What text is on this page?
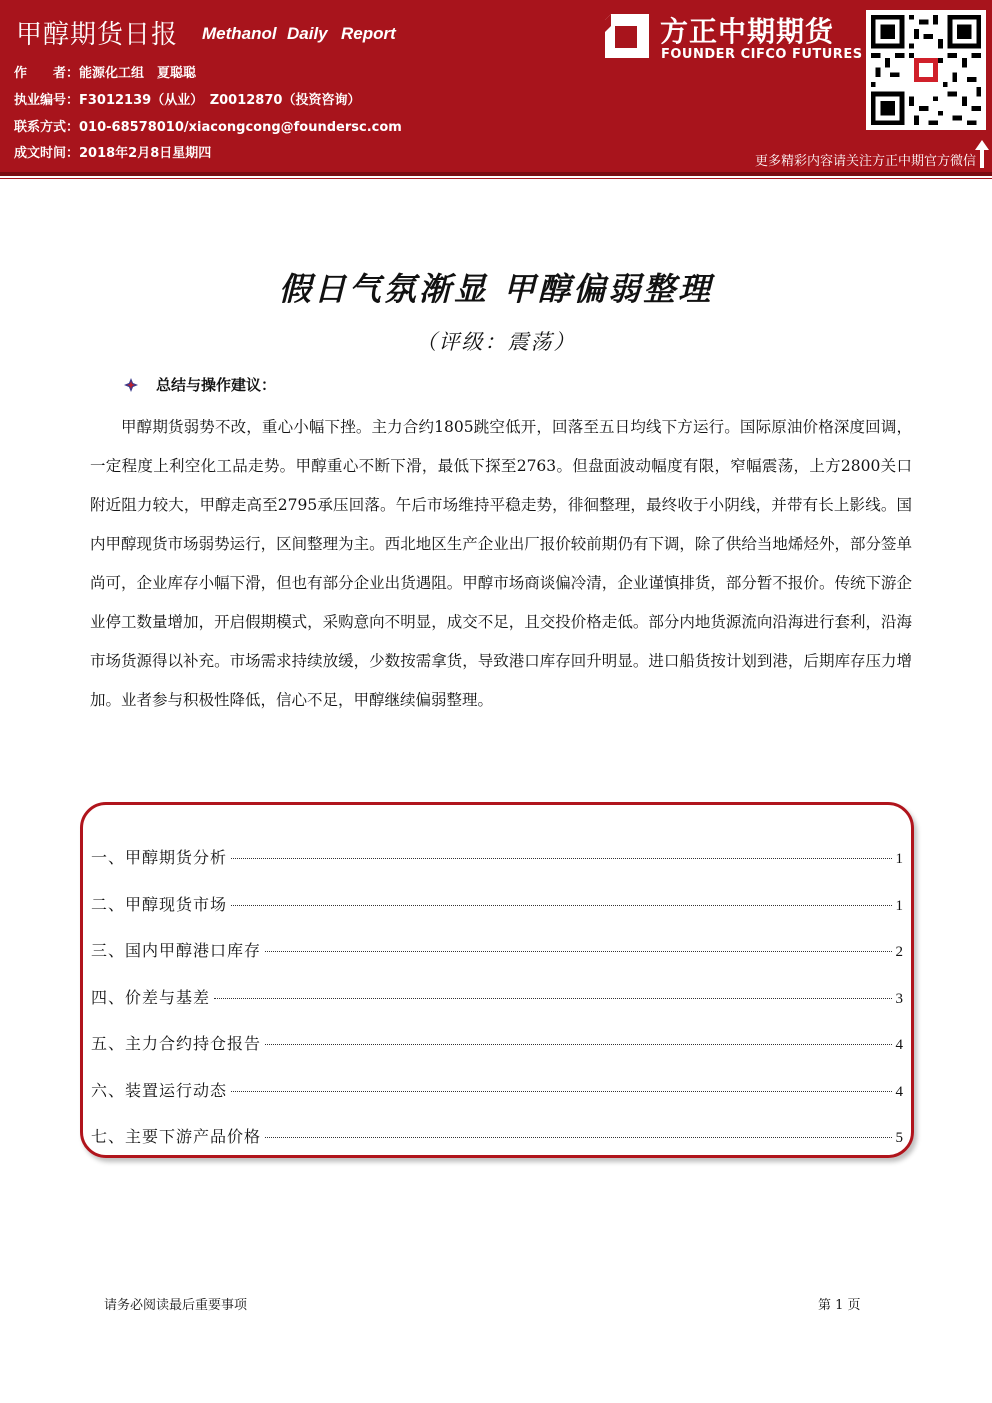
甲醇期货日报 Methanol Daily Report
作　　者：能源化工组　夏聪聪
执业编号：F3012139（从业）　Z0012870（投资咨询）
联系方式：010-68578010/xiacongcong@foundersc.com
成文时间：2018年2月8日星期四
方正中期期货
FOUNDER CIFCO FUTURES
更多精彩内容请关注方正中期官方微信
假日气氛渐显 甲醇偏弱整理
（评级：震荡）
总结与操作建议：
甲醇期货弱势不改，重心小幅下挫。主力合约1805跳空低开，回落至五日均线下方运行。国际原油价格深度回调，一定程度上利空化工品走势。甲醇重心不断下滑，最低下探至2763。但盘面波动幅度有限，窄幅震荡，上方2800关口附近阻力较大，甲醇走高至2795承压回落。午后市场维持平稳走势，徘徊整理，最终收于小阴线，并带有长上影线。国内甲醇现货市场弱势运行，区间整理为主。西北地区生产企业出厂报价较前期仍有下调，除了供给当地烯烃外，部分签单尚可，企业库存小幅下滑，但也有部分企业出货遇阻。甲醇市场商谈偏冷清，企业谨慎排货，部分暂不报价。传统下游企业停工数量增加，开启假期模式，采购意向不明显，成交不足，且交投价格走低。部分内地货源流向沿海进行套利，沿海市场货源得以补充。市场需求持续放缓，少数按需拿货，导致港口库存回升明显。进口船货按计划到港，后期库存压力增加。业者参与积极性降低，信心不足，甲醇继续偏弱整理。
一、甲醇期货分析	1
二、甲醇现货市场	1
三、国内甲醇港口库存	2
四、价差与基差	3
五、主力合约持仓报告	4
六、装置运行动态	4
七、主要下游产品价格	5
请务必阅读最后重要事项	第 1 页
